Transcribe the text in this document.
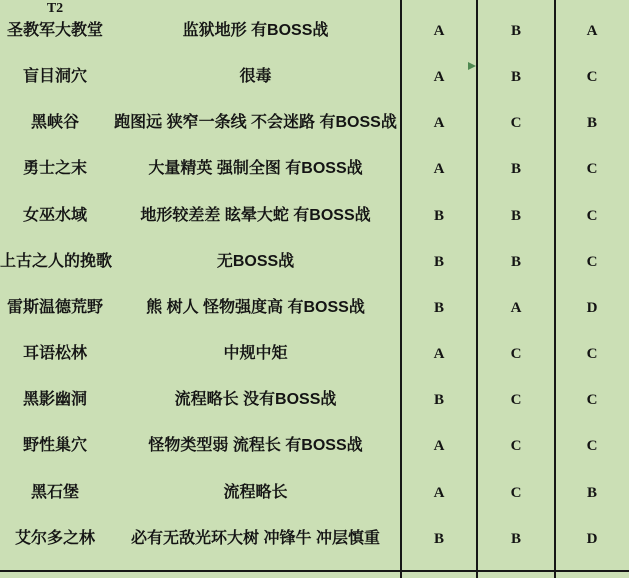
T2
圣教军大教堂	监狱地形 有BOSS战	A	B	A
盲目洞穴	很毒	A	B	C
黑峡谷	跑图远 狭窄一条线 不会迷路 有BOSS战	A	C	B
勇士之末	大量精英 强制全图 有BOSS战	A	B	C
女巫水域	地形较差差 眩晕大蛇 有BOSS战	B	B	C
上古之人的挽歌	无BOSS战	B	B	C
雷斯温德荒野	熊 树人 怪物强度高 有BOSS战	B	A	D
耳语松林	中规中矩	A	C	C
黑影幽洞	流程略长 没有BOSS战	B	C	C
野性巢穴	怪物类型弱 流程长 有BOSS战	A	C	C
黑石堡	流程略长	A	C	B
艾尔多之林	必有无敌光环大树 冲锋牛 冲层慎重	B	B	D
